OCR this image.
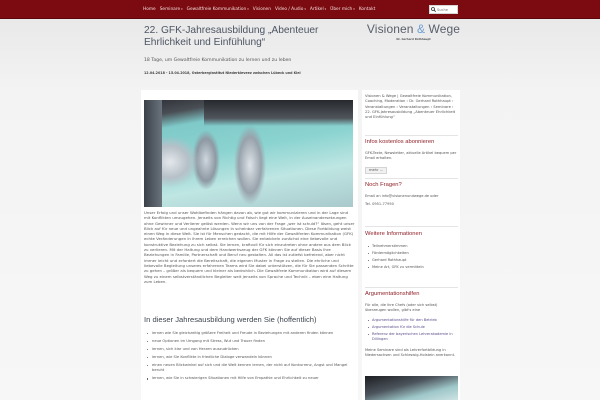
Home Seminare ▾ Gewaltfreie Kommunikation ▾ Visionen Video / Audio ▾ Artikel ▾ Über mich ▾ Kontakt
Suche
22. GFK-Jahresausbildung „Abenteuer Ehrlichkeit und Einfühlung“
18 Tage, um Gewaltfreie Kommunikation zu lernen und zu leben
12.04.2018 - 15.04.2018, Osterberginstitut Niederkleveez zwischen Lübeck und Kiel
Visionen & Wege
Dr. Gerhard Rothhaupt
Unser Erfolg und unser Wohlbefinden hängen davon ab, wie gut wir kommunizieren und in der Lage sind mit Konflikten umzugehen. Jenseits von Richtig und Falsch liegt eine Welt, in der Auseinandersetzungen ohne Gewinner und Verlierer gelöst werden. Wenn wir uns von der Frage „wer ist schuld?“ lösen, geht unser Blick auf für neue und ungeahnte Lösungen in scheinbar verfahrenen Situationen. Diese Fortbildung weist einen Weg in diese Welt. Sie ist für Menschen gedacht, die mit Hilfe der Gewaltfreien Kommunikation (GFK) echte Veränderungen in ihrem Leben erreichen wollen. Sie entwickeln zunächst eine liebevolle und konstruktive Beziehung zu sich selbst. Sie lernen, kraftvoll für sich einzutreten ohne andere aus dem Blick zu verlieren. Mit der Haltung und dem Handwerkszeug der GFK können Sie auf dieser Basis Ihre Beziehungen in Familie, Partnerschaft und Beruf neu gestalten. All das ist zutiefst befreiend, aber nicht immer leicht und erfordert die Bereitschaft, die eigenen Muster in Frage zu stellen. Die ehrliche und liebevolle Begleitung unseres erfahrenen Teams wird Sie dabei unterstützen, die für Sie passenden Schritte zu gehen – größer als bequem und kleiner als bedrohlich. Die Gewaltfreie Kommunikation wird auf diesem Weg zu einem selbstverständlichen Begleiter weit jenseits von Sprache und Technik – eben eine Haltung zum Leben.
In dieser Jahresausbildung werden Sie (hoffentlich)
lernen wie Sie gleichzeitig größere Freiheit und Freude in Beziehungen mit anderen finden können
neue Optionen im Umgang mit Stress, Wut und Trauer finden
lernen, sich klar und von Herzen auszudrücken
lernen, wie Sie Konflikte in friedliche Dialoge verwandeln können
einen neuen Blickwinkel auf sich und die Welt kennen lernen, der nicht auf Konkurrenz, Angst und Mangel beruht
lernen, wie Sie in schwierigen Situationen mit Hilfe von Empathie und Ehrlichkeit zu neuer
Visionen & Wege | Gewaltfreie Kommunikation, Coaching, Moderation › Dr. Gerhard Rothhaupt › Veranstaltungen › Veranstaltungen › Seminare › 22. GFK-Jahresausbildung „Abenteuer Ehrlichkeit und Einfühlung“
Infos kostenlos abonnieren
GFK-Texte, Newsletter, aktuelle Artikel bequem per Email erhalten.
mehr ...
Noch Fragen?
Email an info@visionenundwege.de oder
Tel. 0951-77950
Weitere Informationen
Teilnehmerstimmen
Fördermöglichkeiten
Gerhard Rothhaupt
Meine Art, GFK zu vermitteln
Argumentationshilfen
Für alle, die ihre Chefs (oder sich selbst) überzeugen wollen, gibt's eine
Argumentationshilfe für den Betrieb
Argumentation für die Schule
Referenz der bayerischen Lehrerakademie in Dillingen
Meine Seminare sind als Lehrerfortbildung in Niedersachsen und Schleswig-Holstein anerkannt.
